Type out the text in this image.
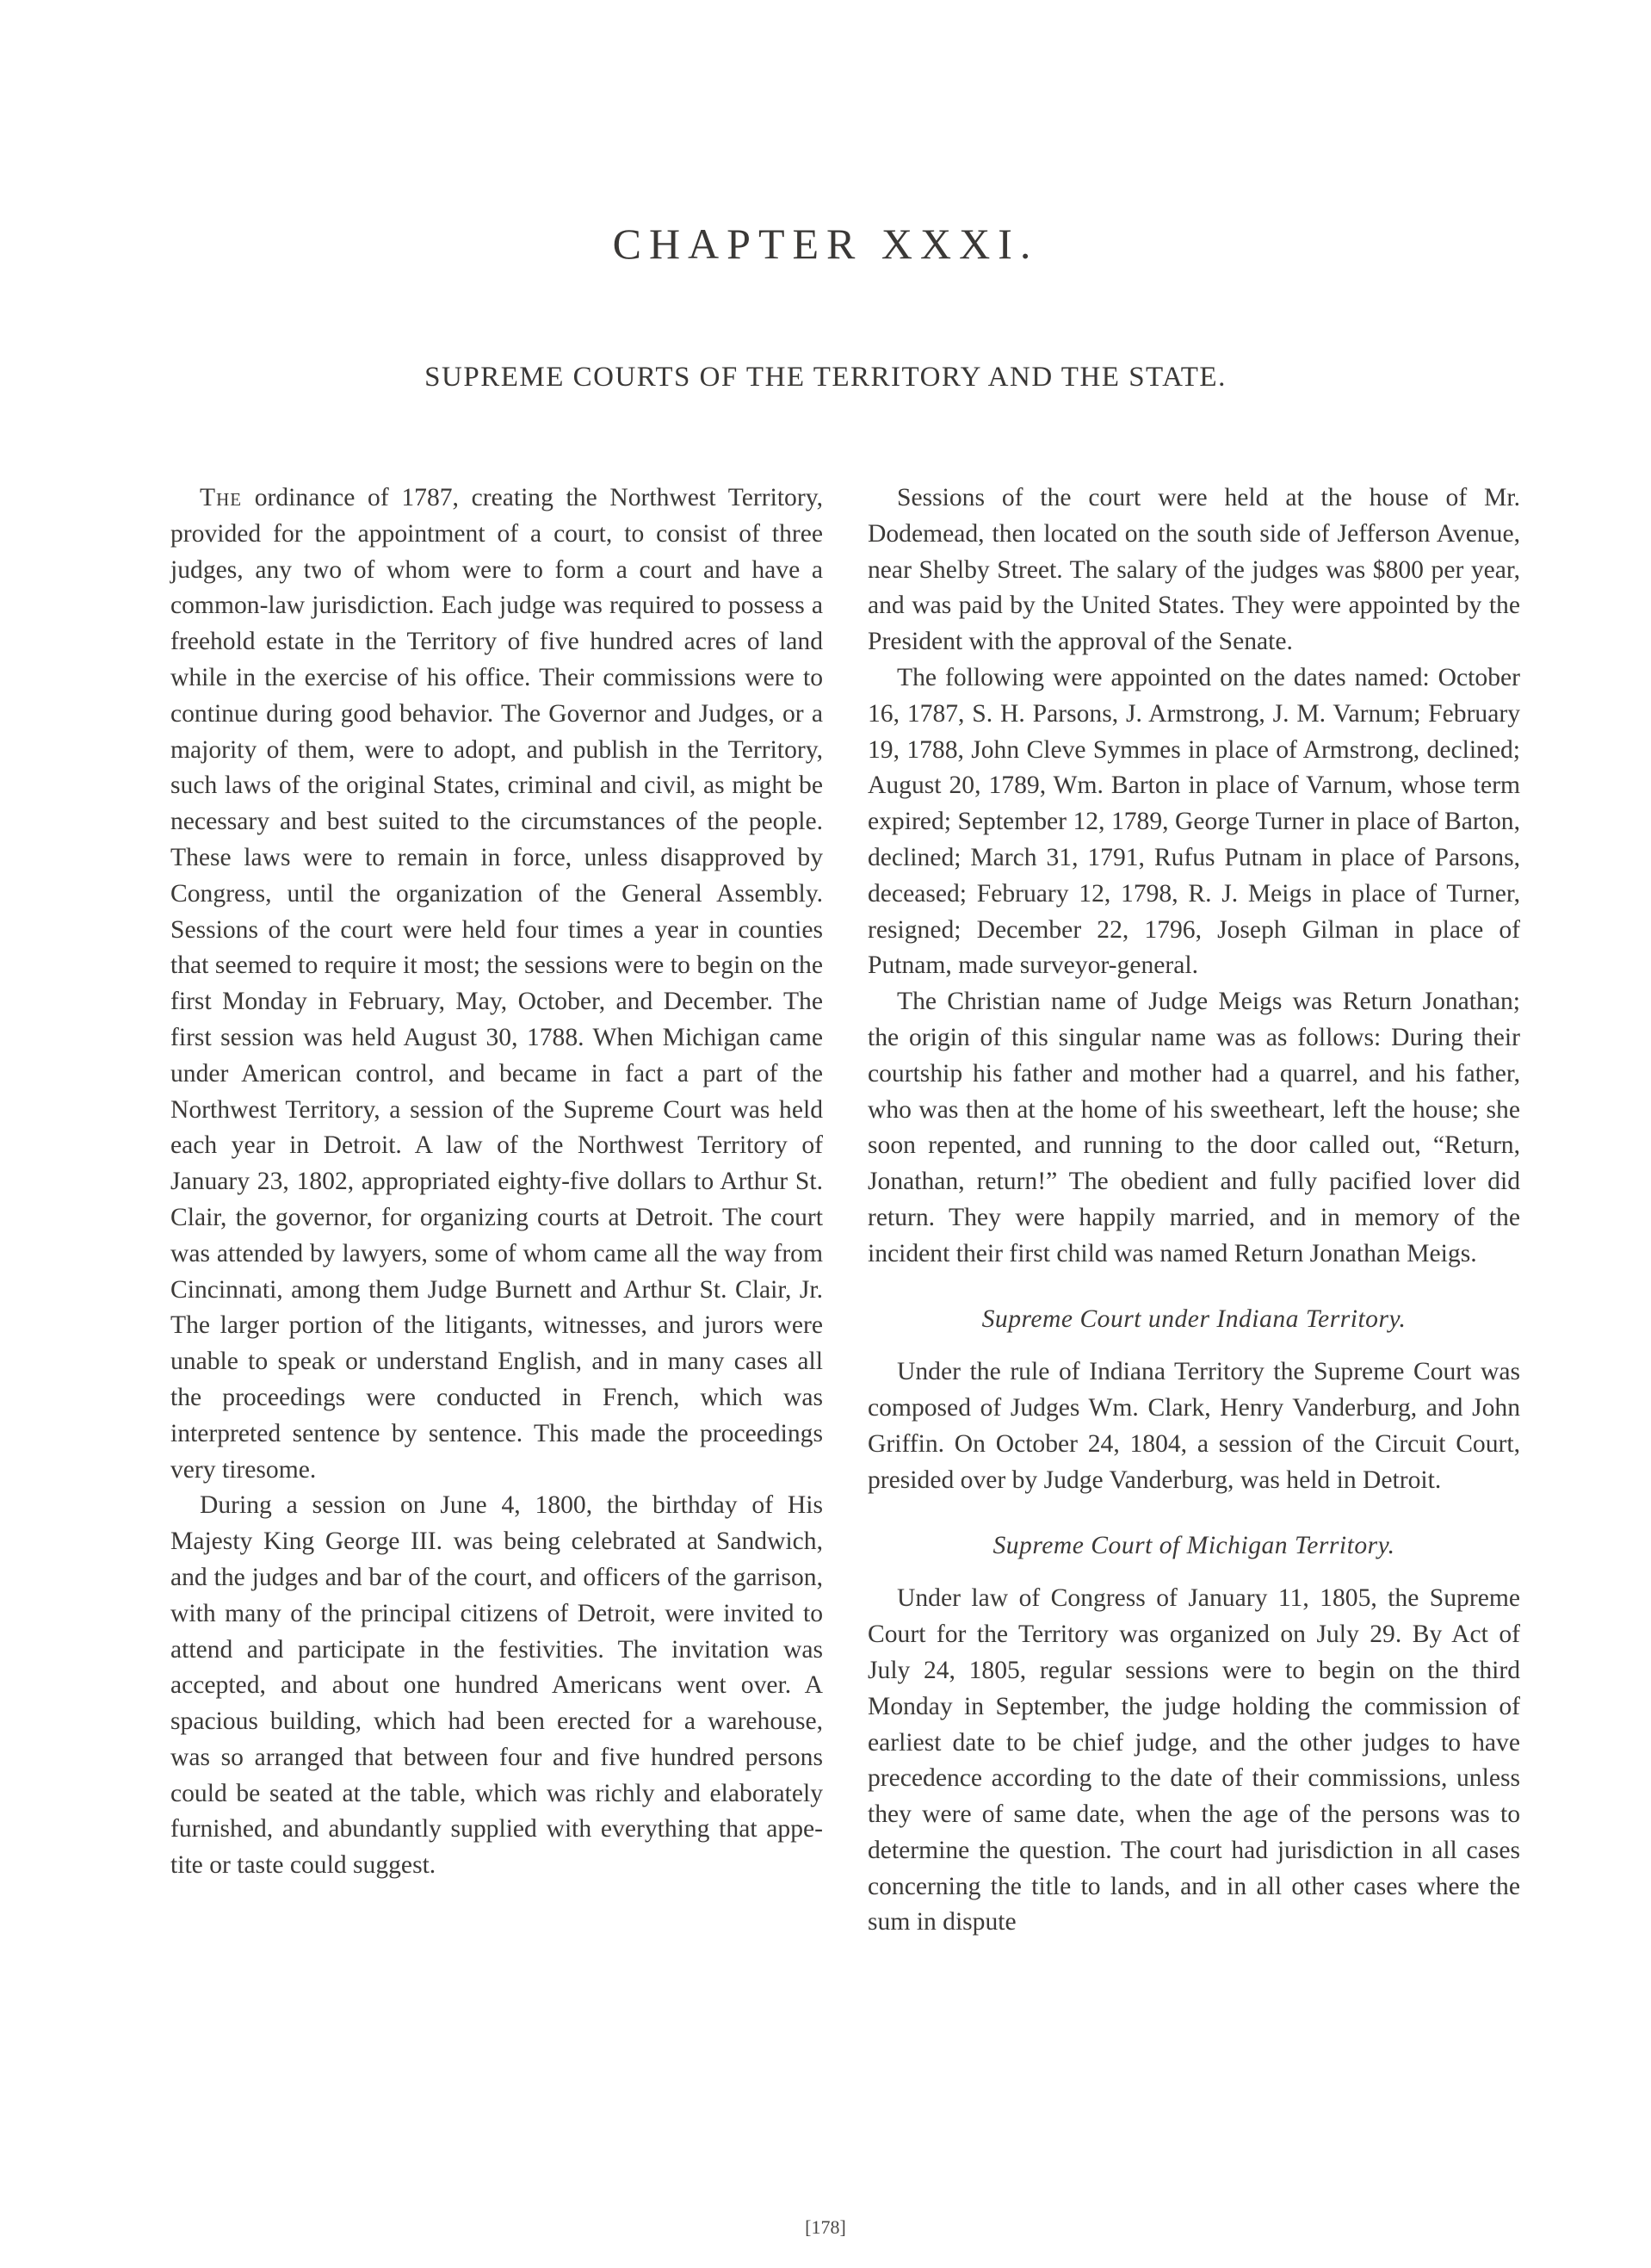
CHAPTER XXXI.
SUPREME COURTS OF THE TERRITORY AND THE STATE.

The ordinance of 1787, creating the Northwest Territory, provided for the appointment of a court, to consist of three judges, any two of whom were to form a court and have a common-law jurisdiction. Each judge was required to possess a freehold estate in the Territory of five hundred acres of land while in the exercise of his office. Their commissions were to continue during good behavior. The Governor and Judges, or a majority of them, were to adopt, and publish in the Territory, such laws of the original States, criminal and civil, as might be necessary and best suited to the circumstances of the people. These laws were to remain in force, unless disapproved by Congress, until the organization of the General Assembly. Sessions of the court were held four times a year in counties that seemed to require it most; the sessions were to begin on the first Monday in February, May, October, and December. The first session was held August 30, 1788. When Michigan came under American control, and became in fact a part of the Northwest Territory, a session of the Supreme Court was held each year in Detroit. A law of the Northwest Territory of January 23, 1802, appropriated eighty-five dollars to Arthur St. Clair, the governor, for organizing courts at Detroit. The court was attended by lawyers, some of whom came all the way from Cincinnati, among them Judge Burnett and Arthur St. Clair, Jr. The larger portion of the litigants, witnesses, and jurors were unable to speak or understand English, and in many cases all the proceedings were conducted in French, which was interpreted sentence by sentence. This made the proceedings very tiresome.

During a session on June 4, 1800, the birthday of His Majesty King George III. was being celebrated at Sandwich, and the judges and bar of the court, and officers of the garrison, with many of the principal citizens of Detroit, were invited to attend and participate in the festivities. The invitation was accepted, and about one hundred Americans went over. A spacious building, which had been erected for a warehouse, was so arranged that between four and five hundred persons could be seated at the table, which was richly and elaborately furnished, and abundantly supplied with everything that appetite or taste could suggest.

Sessions of the court were held at the house of Mr. Dodemead, then located on the south side of Jefferson Avenue, near Shelby Street. The salary of the judges was $800 per year, and was paid by the United States. They were appointed by the President with the approval of the Senate.

The following were appointed on the dates named: October 16, 1787, S. H. Parsons, J. Armstrong, J. M. Varnum; February 19, 1788, John Cleve Symmes in place of Armstrong, declined; August 20, 1789, Wm. Barton in place of Varnum, whose term expired; September 12, 1789, George Turner in place of Barton, declined; March 31, 1791, Rufus Putnam in place of Parsons, deceased; February 12, 1798, R. J. Meigs in place of Turner, resigned; December 22, 1796, Joseph Gilman in place of Putnam, made surveyor-general.

The Christian name of Judge Meigs was Return Jonathan; the origin of this singular name was as follows: During their courtship his father and mother had a quarrel, and his father, who was then at the home of his sweetheart, left the house; she soon repented, and running to the door called out, “Return, Jonathan, return!” The obedient and fully pacified lover did return. They were happily married, and in memory of the incident their first child was named Return Jonathan Meigs.

Supreme Court under Indiana Territory.

Under the rule of Indiana Territory the Supreme Court was composed of Judges Wm. Clark, Henry Vanderburg, and John Griffin. On October 24, 1804, a session of the Circuit Court, presided over by Judge Vanderburg, was held in Detroit.

Supreme Court of Michigan Territory.

Under law of Congress of January 11, 1805, the Supreme Court for the Territory was organized on July 29. By Act of July 24, 1805, regular sessions were to begin on the third Monday in September, the judge holding the commission of earliest date to be chief judge, and the other judges to have precedence according to the date of their commissions, unless they were of same date, when the age of the persons was to determine the question. The court had jurisdiction in all cases concerning the title to lands, and in all other cases where the sum in dispute

[178]
